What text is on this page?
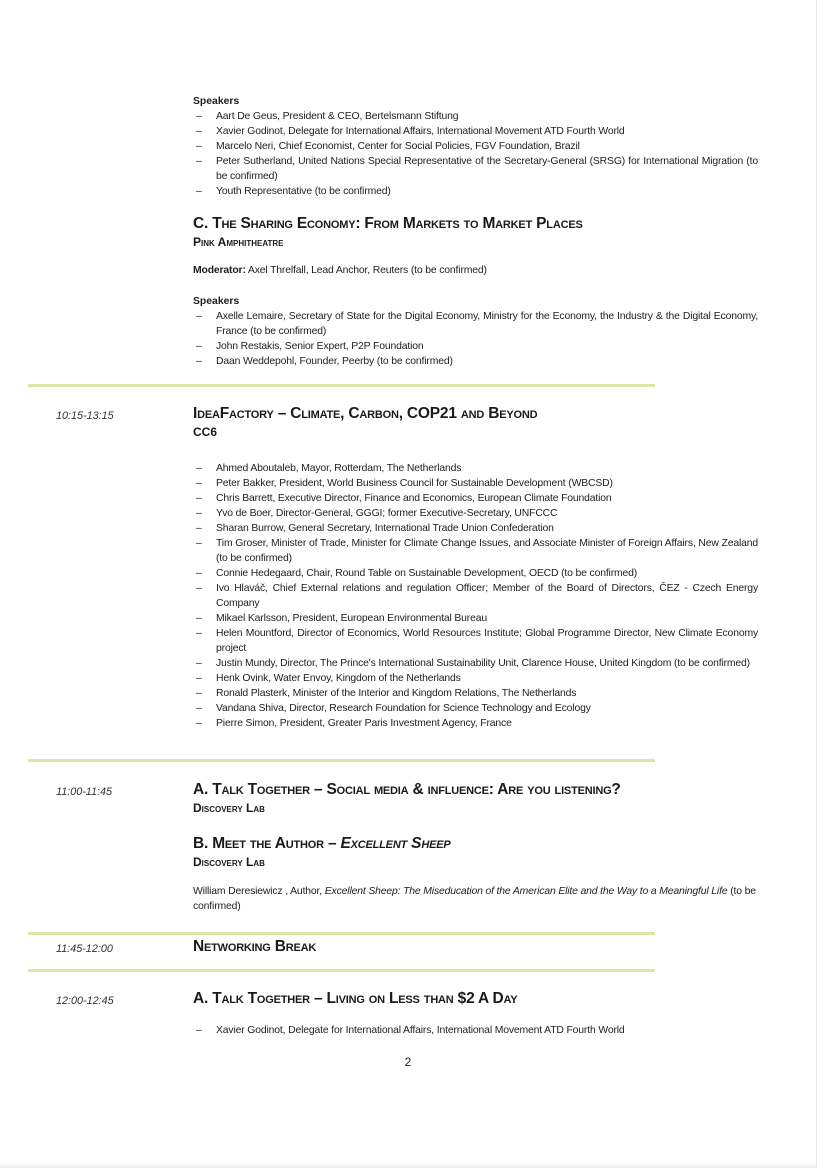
Speakers
– Aart De Geus, President & CEO, Bertelsmann Stiftung
– Xavier Godinot, Delegate for International Affairs, International Movement ATD Fourth World
– Marcelo Neri, Chief Economist, Center for Social Policies, FGV Foundation, Brazil
– Peter Sutherland, United Nations Special Representative of the Secretary-General (SRSG) for International Migration (to be confirmed)
– Youth Representative (to be confirmed)
C. The Sharing Economy: From Markets to Market Places
Pink Amphitheatre
Moderator: Axel Threlfall, Lead Anchor, Reuters (to be confirmed)
Speakers
– Axelle Lemaire, Secretary of State for the Digital Economy, Ministry for the Economy, the Industry & the Digital Economy, France (to be confirmed)
– John Restakis, Senior Expert, P2P Foundation
– Daan Weddepohl, Founder, Peerby (to be confirmed)
10:15-13:15	IdeaFactory – Climate, Carbon, COP21 and Beyond
CC6
– Ahmed Aboutaleb, Mayor, Rotterdam, The Netherlands
– Peter Bakker, President, World Business Council for Sustainable Development (WBCSD)
– Chris Barrett, Executive Director, Finance and Economics, European Climate Foundation
– Yvo de Boer, Director-General, GGGI; former Executive-Secretary, UNFCCC
– Sharan Burrow, General Secretary, International Trade Union Confederation
– Tim Groser, Minister of Trade, Minister for Climate Change Issues, and Associate Minister of Foreign Affairs, New Zealand (to be confirmed)
– Connie Hedegaard, Chair, Round Table on Sustainable Development, OECD (to be confirmed)
– Ivo Hlaváč, Chief External relations and regulation Officer; Member of the Board of Directors, ČEZ - Czech Energy Company
– Mikael Karlsson, President, European Environmental Bureau
– Helen Mountford, Director of Economics, World Resources Institute; Global Programme Director, New Climate Economy project
– Justin Mundy, Director, The Prince's International Sustainability Unit, Clarence House, United Kingdom (to be confirmed)
– Henk Ovink, Water Envoy, Kingdom of the Netherlands
– Ronald Plasterk, Minister of the Interior and Kingdom Relations, The Netherlands
– Vandana Shiva, Director, Research Foundation for Science Technology and Ecology
– Pierre Simon, President, Greater Paris Investment Agency, France
11:00-11:45	A. Talk Together – Social media & influence: Are you listening?
Discovery Lab
B. Meet the Author – Excellent Sheep
Discovery Lab
William Deresiewicz , Author, Excellent Sheep: The Miseducation of the American Elite and the Way to a Meaningful Life (to be confirmed)
11:45-12:00	Networking Break
12:00-12:45	A. Talk Together – Living on Less than $2 A Day
– Xavier Godinot, Delegate for International Affairs, International Movement ATD Fourth World
2
